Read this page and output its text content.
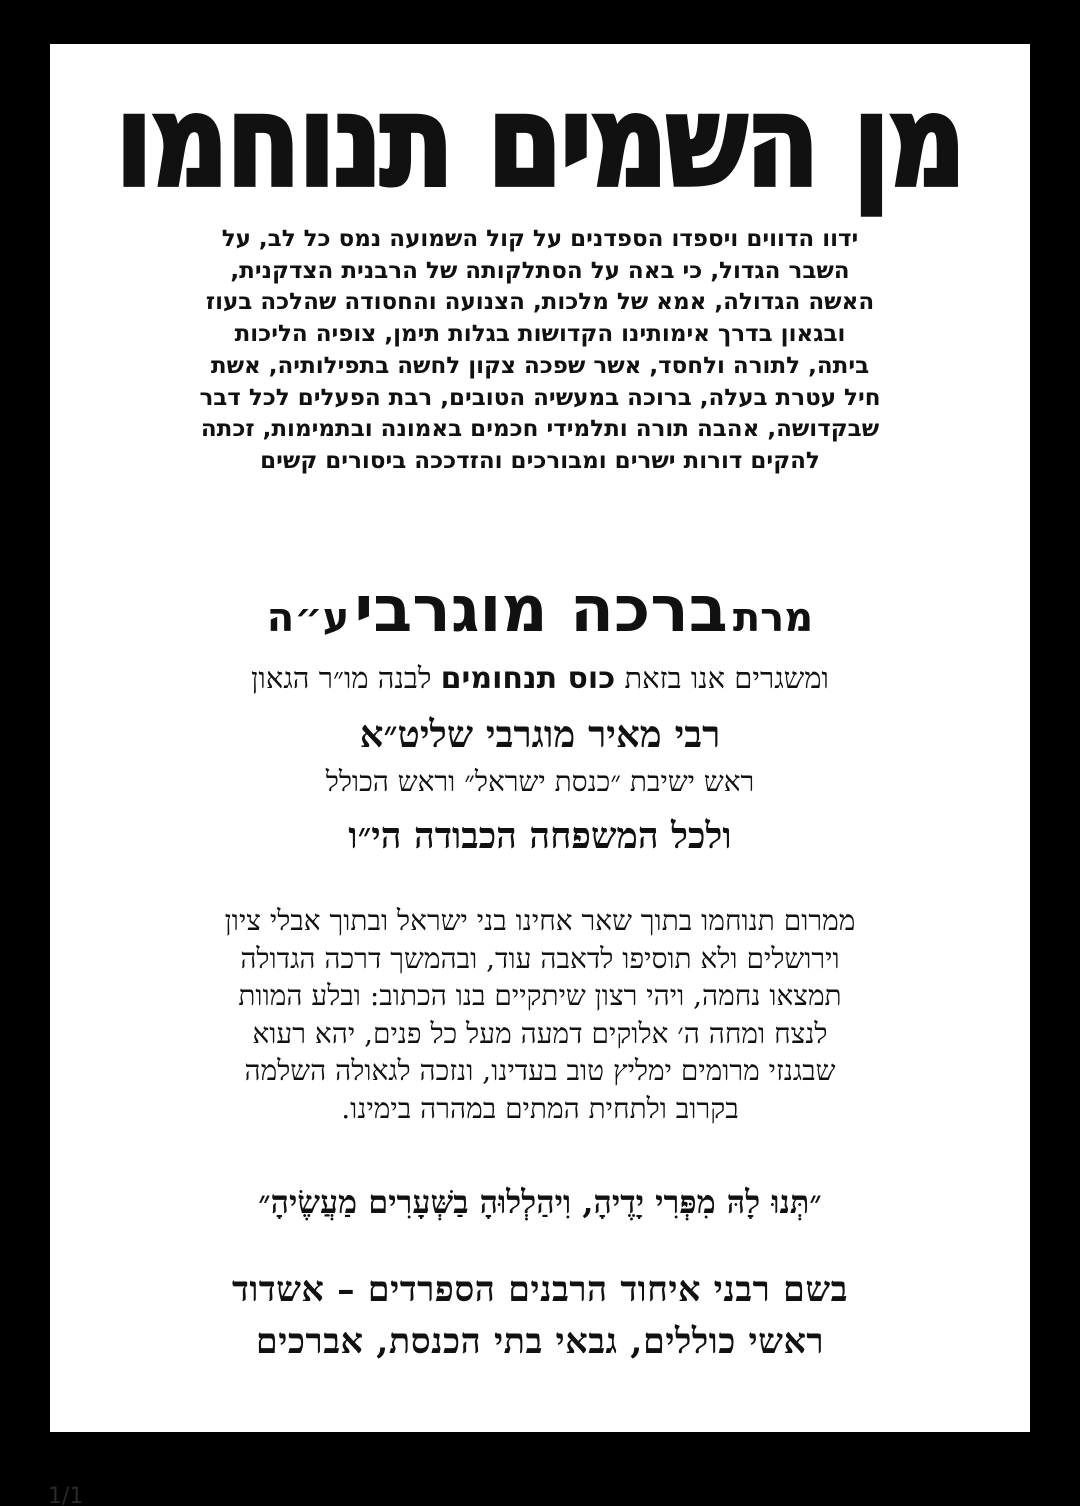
מן השמים תנוחמו
ידוו הדווים ויספדו הספדנים על קול השמועה נמס כל לב, על
השבר הגדול, כי באה על הסתלקותה של הרבנית הצדקנית,
האשה הגדולה, אמא של מלכות, הצנועה והחסודה שהלכה בעוז
ובגאון בדרך אימותינו הקדושות בגלות תימן, צופיה הליכות
ביתה, לתורה ולחסד, אשר שפכה צקון לחשה בתפילותיה, אשת
חיל עטרת בעלה, ברוכה במעשיה הטובים, רבת הפעלים לכל דבר
שבקדושה, אהבה תורה ותלמידי חכמים באמונה ובתמימות, זכתה
להקים דורות ישרים ומבורכים והזדככה ביסורים קשים
מרת ברכה מוגרבי ע״ה
ומשגרים אנו בזאת כוס תנחומים לבנה מו״ר הגאון
רבי מאיר מוגרבי שליט״א
ראש ישיבת ״כנסת ישראל״ וראש הכולל
ולכל המשפחה הכבודה הי״ו
ממרום תנוחמו בתוך שאר אחינו בני ישראל ובתוך אבלי ציון
וירושלים ולא תוסיפו לדאבה עוד, ובהמשך דרכה הגדולה
תמצאו נחמה, ויהי רצון שיתקיים בנו הכתוב: ובלע המוות
לנצח ומחה ה׳ אלוקים דמעה מעל כל פנים, יהא רעוא
שבגנזי מרומים ימליץ טוב בעדינו, ונזכה לגאולה השלמה
בקרוב ולתחית המתים במהרה בימינו.
״תְּנוּ לָהּ מִפְּרִי יָדֶיהָ, וִיהַלְלוּהָ בַשְּׁעָרִים מַעֲשֶׂיהָ״
בשם רבני איחוד הרבנים הספרדים – אשדוד
ראשי כוללים, גבאי בתי הכנסת, אברכים
1/1
